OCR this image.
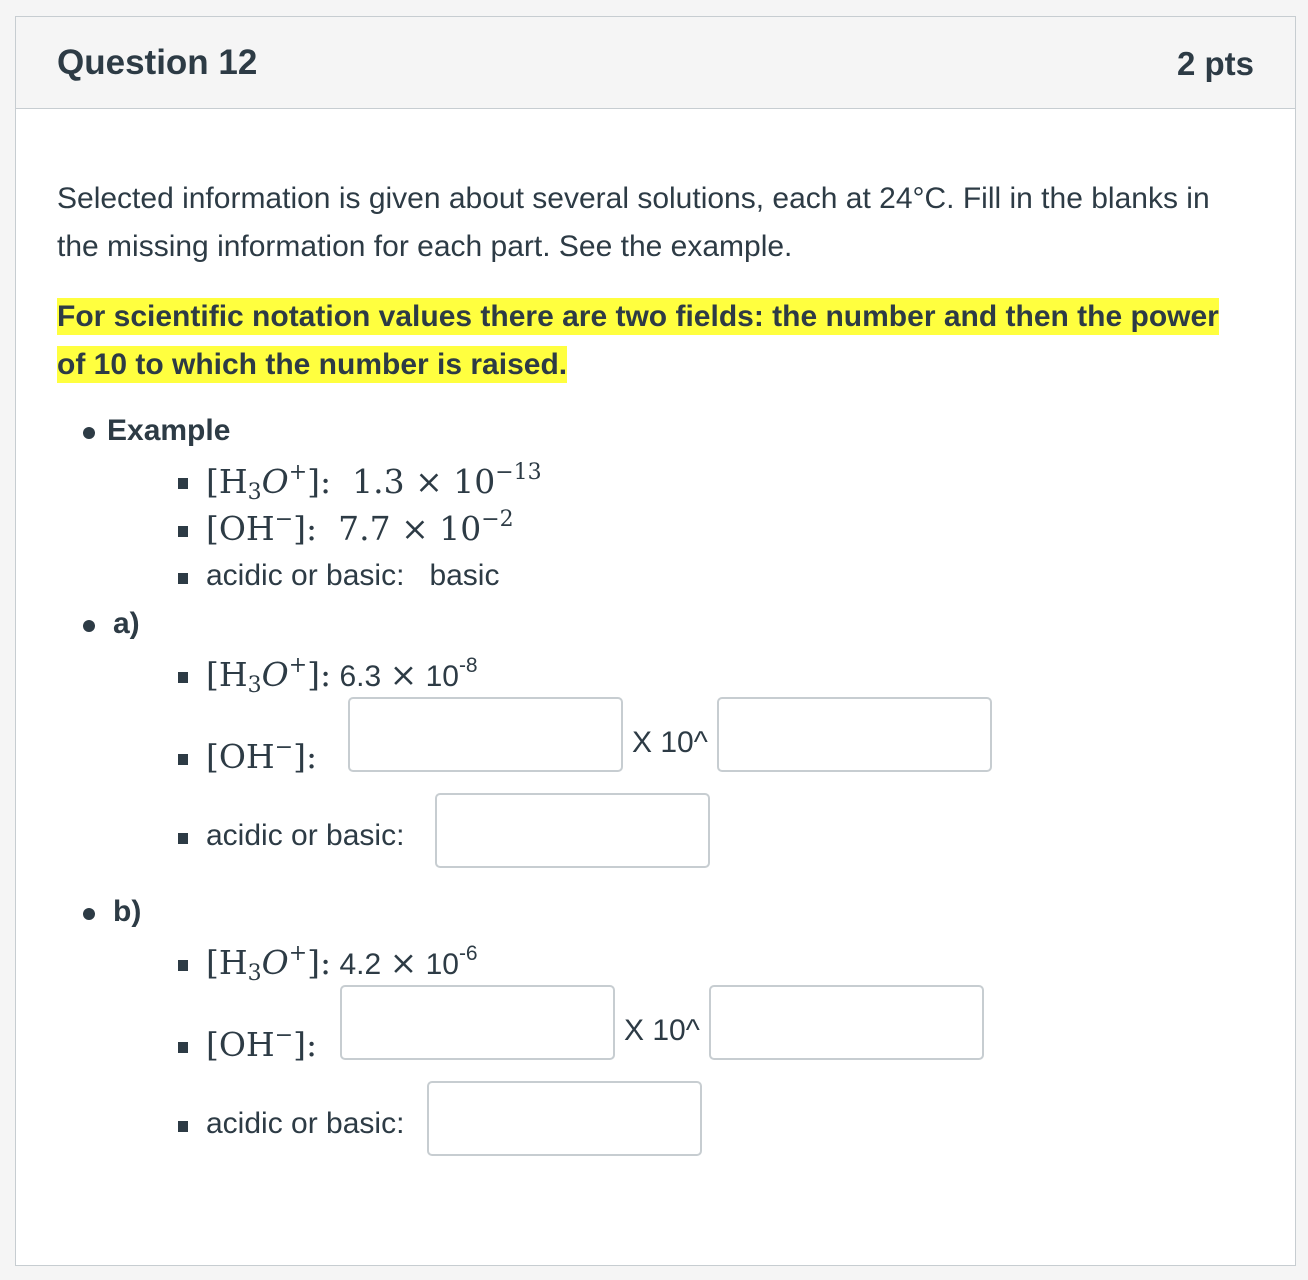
Question 12	2 pts
Selected information is given about several solutions, each at 24°C. Fill in the blanks in the missing information for each part. See the example.
For scientific notation values there are two fields: the number and then the power
of 10 to which the number is raised.
Example
$[H_3O^+]$: $1.3 \times 10^{-13}$
[OH−]: $7.7 \times 10^{-2}$
acidic or basic: basic
a)
$[H_3O^+]$: $6.3 \times 10^{-8}$
[OH−]:	X 10^
acidic or basic:
b)
$[H_3O^+]$: $4.2 \times 10^{-6}$
[OH−]:	X 10^
acidic or basic:
